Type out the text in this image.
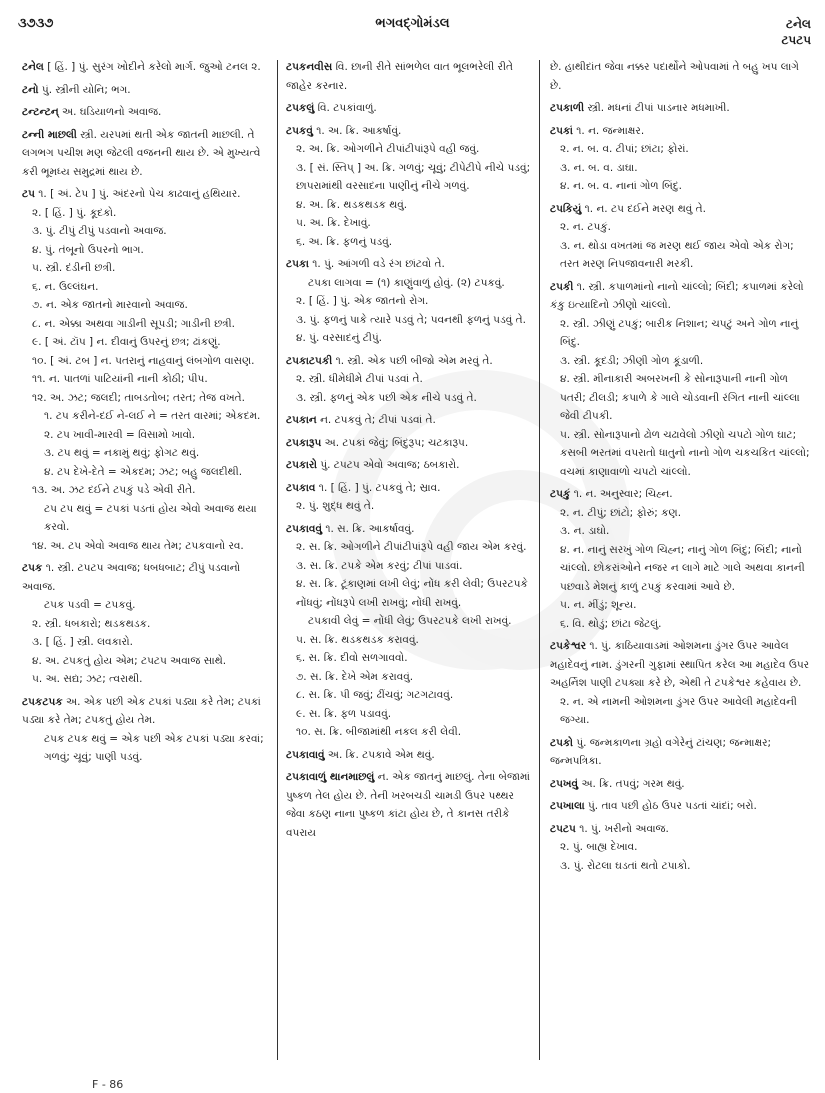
૩૭૩૭	ભગવદ્ગોમંડલ	ટનેલ
ટપટપ
ટનેલ [ હિં. ] પું. સુરંગ ખોદીને કરેલો માર્ગ. જુઓ ટનલ ૨.
ટનો પું. સ્ત્રીની યોનિ; ભગ.
ટન્ટન્ટન્ અ. ઘડિયાળનો અવાજ.
ટન્ની માછલી સ્ત્રી. યરપમાં થતી એક જાતની માછલી. તે લગભગ પચીશ મણ જેટલી વજનની થાય છે. એ મુખ્યત્વે કરી ભૂમધ્ય સમુદ્રમાં થાય છે.
ટપ ૧. [ અં. ટેપ ] પું. અંદરનો પેચ કાઢવાનું હથિયાર.
૨. [ હિં. ] પું. કૂદકો.
૩. પું. ટીપું ટીપું પડવાનો અવાજ.
૪. પું. તંબૂનો ઉપરનો ભાગ.
૫. સ્ત્રી. દંડીની છત્રી.
૬. ન. ઉલ્લંઘન.
૭. ન. એક જાતનો મારવાનો અવાજ.
૮. ન. એક્કા અથવા ગાડીની સૂપડી; ગાડીની છત્રી.
૯. [ અં. ટૉપ ] ન. દીવાનું ઉપરનું છત્ર; ઢાંકણું.
૧૦. [ અં. ટબ ] ન. પતરાનું નાહવાનું લંબગોળ વાસણ.
૧૧. ન. પાતળાં પાટિયાંની નાની કોઠી; પીપ.
૧૨. અ. ઝટ; જલદી; તાબડતોબ; તરત; તેજ વખતે.
૧. ટપ કરીને-દઈ ને-લઈ ને = તરત વારમાં; એકદમ.
૨. ટપ ખાવી-મારવી = વિસામો ખાવો.
૩. ટપ થવું = નકામું થવું; ફોગટ થવું.
૪. ટપ દેખે-દેતે = એકદમ; ઝટ; બહુ જલદીથી.
૧૩. અ. ઝટ દઈને ટપકું પડે એવી રીતે.
ટપ ટપ થવું = ટપકાં પડતાં હોય એવો અવાજ થયા કરવો.
૧૪. અ. ટપ એવો અવાજ થાય તેમ; ટપકવાનો રવ.
ટપક ૧. સ્ત્રી. ટપટપ અવાજ; ધબધબાટ; ટીપું પડવાનો અવાજ.
ટપક પડવી = ટપકવું.
૨. સ્ત્રી. ધબકારો; થડકથડક.
૩. [ હિં. ] સ્ત્રી. લવકારો.
૪. અ. ટપકતું હોય એમ; ટપટપ અવાજ સાથે.
૫. અ. સદ્ય; ઝટ; ત્વરાથી.
ટપકટપક અ. એક પછી એક ટપકાં પડ્યા કરે તેમ; ટપકાં પડ્યા કરે તેમ; ટપકતું હોય તેમ.
ટપક ટપક થવું = એક પછી એક ટપકાં પડ્યા કરવાં; ગળવું; ચૂવું; પાણી પડવું.
ટપકનવીસ વિ. છાની રીતે સાંભળેલ વાત ભૂલભરેલી રીતે જાહેર કરનાર.
ટપકલું વિ. ટપકાંવાળું.
ટપકવું ૧. અ. ક્રિ. આકર્ષાવું.
૨. અ. ક્રિ. ઓગળીને ટીપાંટીપાંરૂપે વહી જવું.
૩. [ સં. સ્તિપ્ ] અ. ક્રિ. ગળવું; ચૂવું; ટીપેટીપે નીચે પડવું; છાપરામાંથી વરસાદના પાણીનું નીચે ગળવું.
૪. અ. ક્રિ. થડકથડક થવું.
૫. અ. ક્રિ. દેખાવું.
૬. અ. ક્રિ. ફળનું પડવું.
ટપકા ૧. પું. આંગળી વડે રંગ છાંટવો તે.
ટપકા લાગવા = (૧) કાણુંવાળું હોવું. (૨) ટપકવું.
૨. [ હિં. ] પું. એક જાતનો રોગ.
૩. પું. ફળનું પાકે ત્યારે પડવું તે; પવનથી ફળનું પડવું તે.
૪. પું. વરસાદનું ટીપું.
ટપકાટપકી ૧. સ્ત્રી. એક પછી બીજો એમ મરવું તે.
૨. સ્ત્રી. ધીમેધીમે ટીપાં પડવાં તે.
૩. સ્ત્રી. ફળનું એક પછી એક નીચે પડવું તે.
ટપકાન ન. ટપકવું તે; ટીપાં પડવાં તે.
ટપકારૂપ અ. ટપકાં જેવું; બિંદુરૂપ; ચટકારૂપ.
ટપકારો પું. ટપટપ એવો અવાજ; ઠબકારો.
ટપકાવ ૧. [ હિં. ] પું. ટપકવું તે; સ્રાવ.
૨. પું. શુદ્ધ થવું તે.
ટપકાવવું ૧. સ. ક્રિ. આકર્ષાવવું.
૨. સ. ક્રિ. ઓગળીને ટીપાંટીપાંરૂપે વહી જાય એમ કરવું.
૩. સ. ક્રિ. ટપકે એમ કરવું; ટીપાં પાડવાં.
૪. સ. ક્રિ. ટૂંકાણમાં લખી લેવું; નોંધ કરી લેવી; ઉપરટપકે નોંધવું; નોંધરૂપે લખી રાખવું; નોંધી રાખવું.
ટપકાવી લેવું = નોંધી લેવું; ઉપરટપકે લખી રાખવું.
૫. સ. ક્રિ. થડકથડક કરાવવું.
૬. સ. ક્રિ. દીવો સળગાવવો.
૭. સ. ક્રિ. દેખે એમ કરાવવું.
૮. સ. ક્રિ. પી જવું; ઢીંચવું; ગટગટાવવું.
૯. સ. ક્રિ. ફળ પડાવવું.
૧૦. સ. ક્રિ. બીજામાંથી નકલ કરી લેવી.
ટપકાવાવું અ. ક્રિ. ટપકાવે એમ થવું.
ટપકાવાળું થાનમાછલું ન. એક જાતનું માછલું. તેના બેજામાં પુષ્કળ તેલ હોય છે. તેની ખરબચડી ચામડી ઉપર પથ્થર જેવા કઠણ નાના પુષ્કળ કાંટા હોય છે, તે કાનસ તરીકે વપરાય
છે. હાથીદાંત જેવા નક્કર પદાર્થોને ઓપવામાં તે બહુ ખપ લાગે છે.
ટપકાળી સ્ત્રી. મધનાં ટીપાં પાડનાર મધમાખી.
ટપકાં ૧. ન. જન્માક્ષર.
૨. ન. બ. વ. ટીપાં; છાંટા; ફોરાં.
૩. ન. બ. વ. ડાઘા.
૪. ન. બ. વ. નાનાં ગોળ બિંદુ.
ટપકિયું ૧. ન. ટપ દઈને મરણ થવું તે.
૨. ન. ટપકું.
૩. ન. થોડા વખતમાં જ મરણ થઈ જાય એવો એક રોગ; તરત મરણ નિપજાવનારી મરકી.
ટપકી ૧. સ્ત્રી. કપાળમાંનો નાનો ચાંલ્લો; બિંદી; કપાળમાં કરેલો કંકુ ઇત્યાદિનો ઝીણો ચાંલ્લો.
૨. સ્ત્રી. ઝીણું ટપકું; બારીક નિશાન; ચપટું અને ગોળ નાનું બિંદુ.
૩. સ્ત્રી. કૂદડી; ઝીણી ગોળ કૂંડાળી.
૪. સ્ત્રી. મીનાકારી અબરખની કે સોનારૂપાની નાની ગોળ પતરી; ટીલડી; કપાળે કે ગાલે ચોડવાની રંગિત નાની ચાંલ્લા જેવી ટીપકી.
૫. સ્ત્રી. સોનારૂપાનો ઢોળ ચઢાવેલો ઝીણો ચપટો ગોળ ઘાટ; કસબી ભરતમાં વપરાતો ધાતુનો નાનો ગોળ ચકચકિત ચાંલ્લો; વચમાં કાણાવાળો ચપટો ચાંલ્લો.
ટપકું ૧. ન. અનુસ્વાર; ચિહ્ન.
૨. ન. ટીપું; છાંટો; ફોરું; કણ.
૩. ન. ડાઘો.
૪. ન. નાનું સરખું ગોળ ચિહ્ન; નાનું ગોળ બિંદુ; બિંદી; નાનો ચાંલ્લો. છોકરાંઓને નજર ન લાગે માટે ગાલે અથવા કાનની પછવાડે મેશનું કાળું ટપકું કરવામાં આવે છે.
૫. ન. મીંડું; શૂન્ય.
૬. વિ. થોડું; છાંટા જેટલું.
ટપકેશ્વર ૧. પું. કાઠિયાવાડમાં ઓશમના ડુંગર ઉપર આવેલ મહાદેવનું નામ. ડુંગરની ગુફામાં સ્થાપિત કરેલ આ મહાદેવ ઉપર અહર્નિશ પાણી ટપક્યા કરે છે, એથી તે ટપકેશ્વર કહેવાય છે.
૨. ન. એ નામની ઓશમના ડુંગર ઉપર આવેલી મહાદેવની જગ્યા.
ટપકો પું. જન્મકાળના ગ્રહો વગેરેનું ટાંચણ; જન્માક્ષર; જન્મપત્રિકા.
ટપખવું અ. ક્રિ. તપવું; ગરમ થવું.
ટપખાલા પું. તાવ પછી હોઠ ઉપર પડતાં ચાંદાં; બરો.
ટપટપ ૧. પું. ખરીનો અવાજ.
૨. પું. બાહ્ય દેખાવ.
૩. પું. રોટલા ઘડતાં થતો ટપાકો.
F - 86
